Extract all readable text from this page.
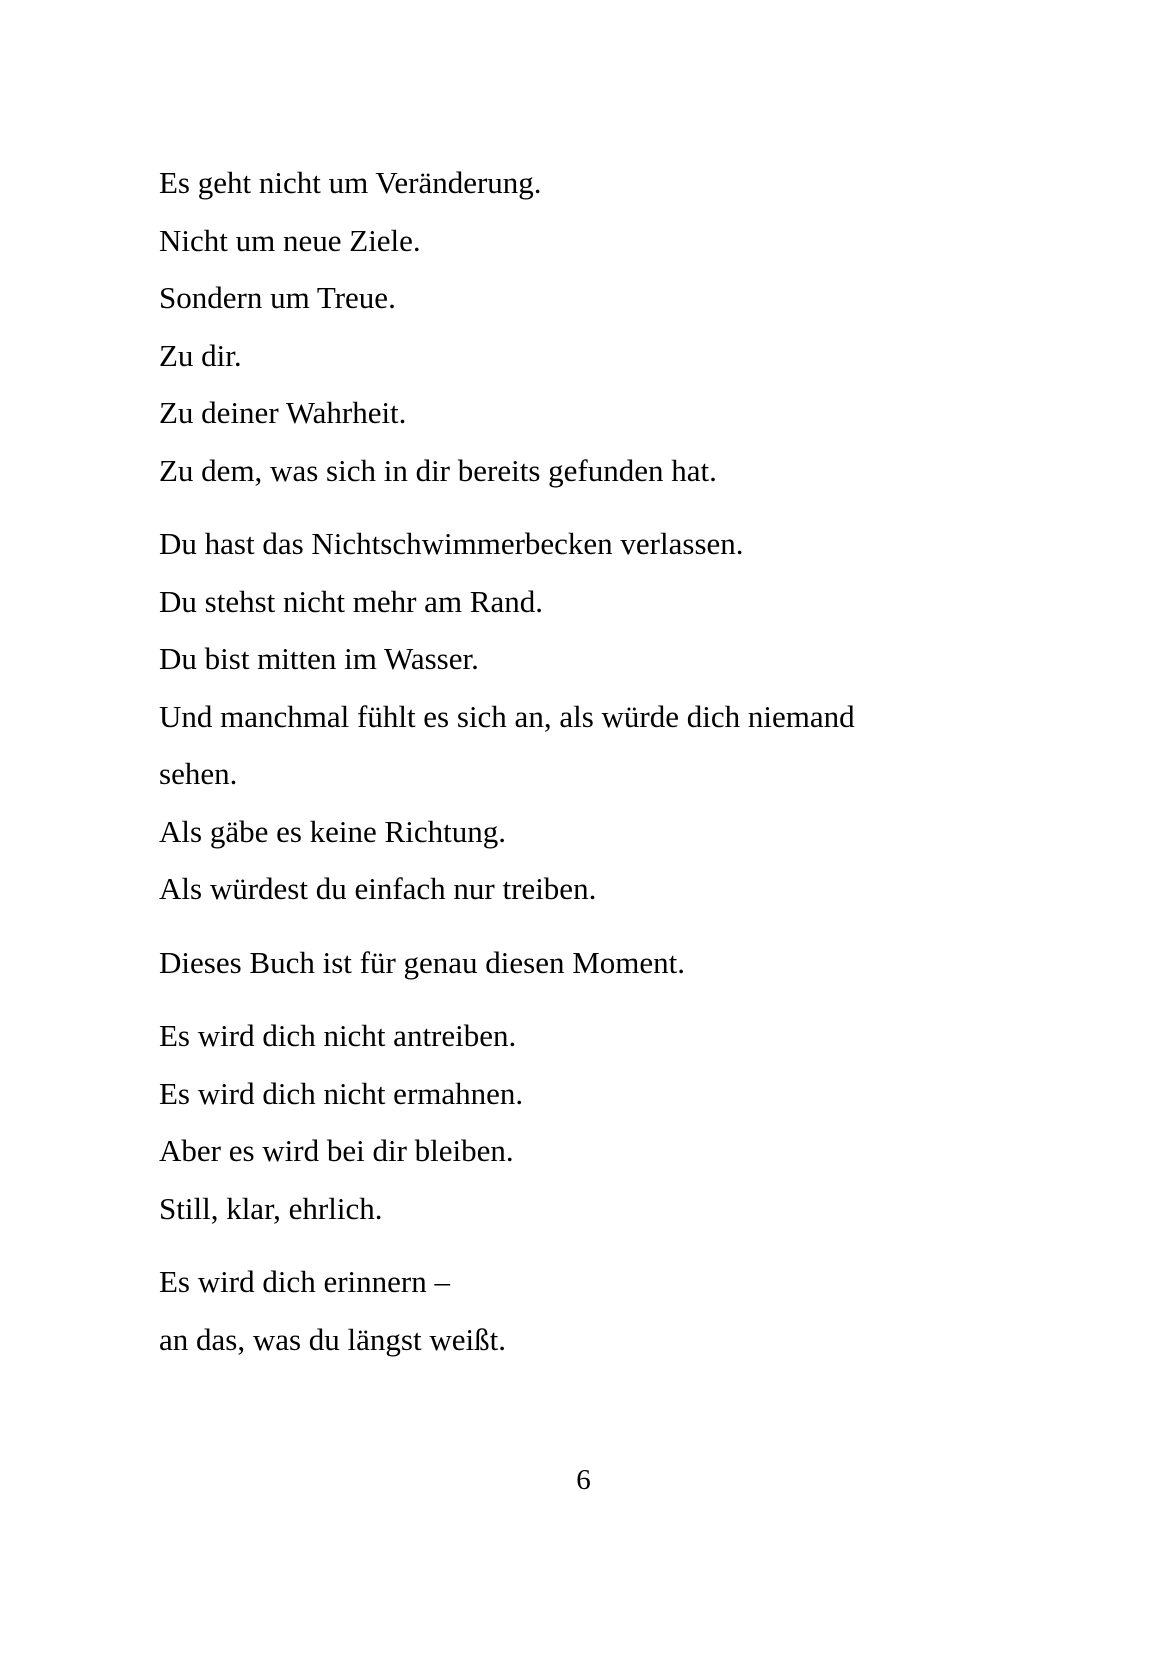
Es geht nicht um Veränderung.
Nicht um neue Ziele.
Sondern um Treue.
Zu dir.
Zu deiner Wahrheit.
Zu dem, was sich in dir bereits gefunden hat.
Du hast das Nichtschwimmerbecken verlassen.
Du stehst nicht mehr am Rand.
Du bist mitten im Wasser.
Und manchmal fühlt es sich an, als würde dich niemand
sehen.
Als gäbe es keine Richtung.
Als würdest du einfach nur treiben.
Dieses Buch ist für genau diesen Moment.
Es wird dich nicht antreiben.
Es wird dich nicht ermahnen.
Aber es wird bei dir bleiben.
Still, klar, ehrlich.
Es wird dich erinnern –
an das, was du längst weißt.
6
